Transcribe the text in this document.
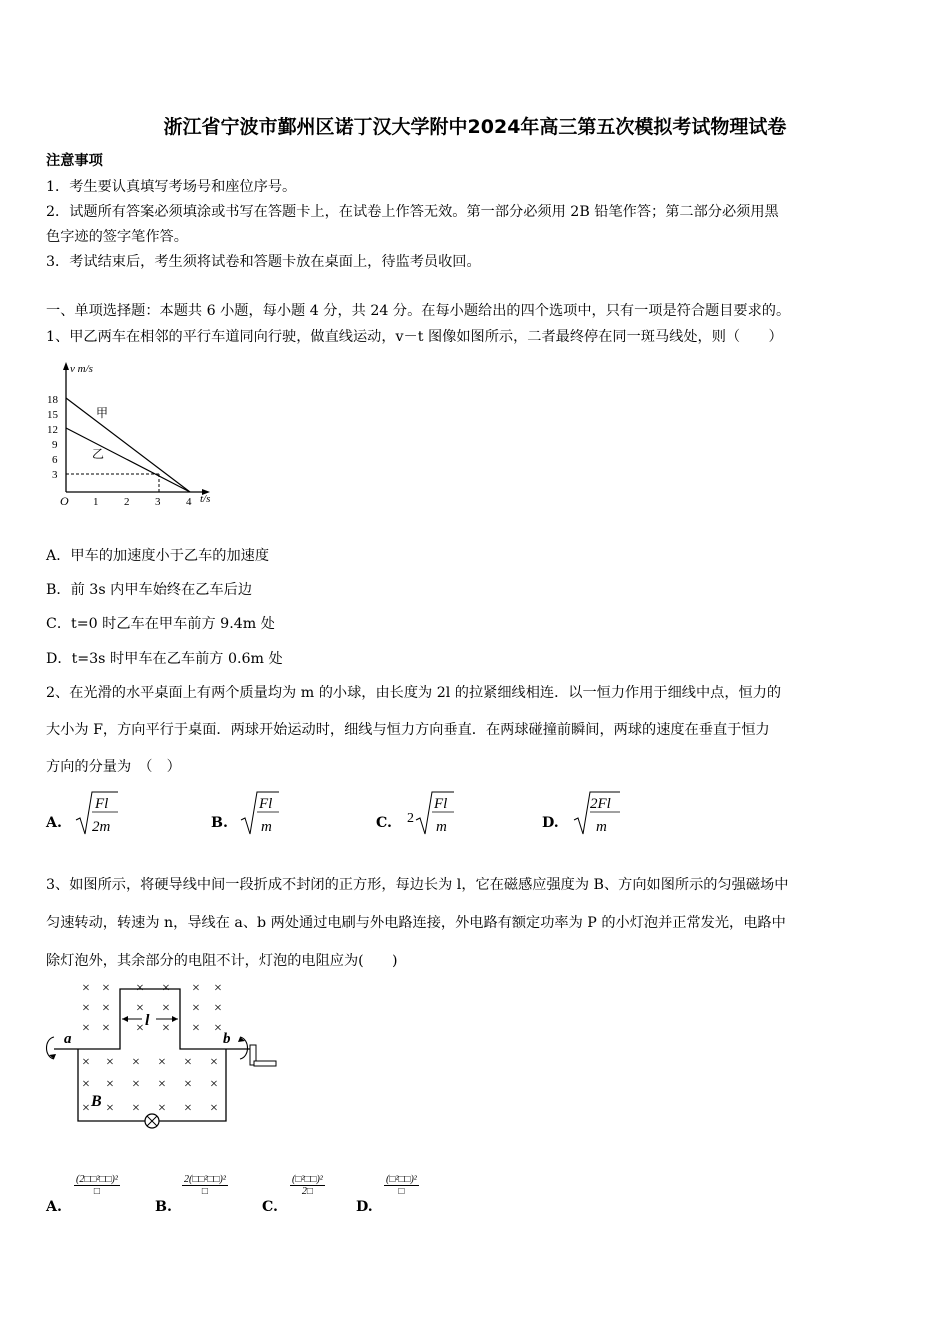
浙江省宁波市鄞州区诺丁汉大学附中2024年高三第五次模拟考试物理试卷
注意事项
1．考生要认真填写考场号和座位序号。
2．试题所有答案必须填涂或书写在答题卡上，在试卷上作答无效。第一部分必须用 2B 铅笔作答；第二部分必须用黑
色字迹的签字笔作答。
3．考试结束后，考生须将试卷和答题卡放在桌面上，待监考员收回。
一、单项选择题：本题共 6 小题，每小题 4 分，共 24 分。在每小题给出的四个选项中，只有一项是符合题目要求的。
1、甲乙两车在相邻的平行车道同向行驶，做直线运动，v－t 图像如图所示，二者最终停在同一斑马线处，则（　　）
v m/s
t/s
O
18
15
12
9
6
3
1 2 3 4
甲
乙
A．甲车的加速度小于乙车的加速度
B．前 3s 内甲车始终在乙车后边
C．t=0 时乙车在甲车前方 9.4m 处
D．t=3s 时甲车在乙车前方 0.6m 处
2、在光滑的水平桌面上有两个质量均为 m 的小球，由长度为 2l 的拉紧细线相连．以一恒力作用于细线中点，恒力的
大小为 F，方向平行于桌面．两球开始运动时，细线与恒力方向垂直．在两球碰撞前瞬间，两球的速度在垂直于恒力
方向的分量为　（　）
A.
Fl
2m	B.
Fl
m	C. 2
Fl
m	D.
2Fl
m
3、如图所示，将硬导线中间一段折成不封闭的正方形，每边长为 l，它在磁感应强度为 B、方向如图所示的匀强磁场中
匀速转动，转速为 n，导线在 a、b 两处通过电刷与外电路连接，外电路有额定功率为 P 的小灯泡并正常发光，电路中
除灯泡外，其余部分的电阻不计，灯泡的电阻应为(　　)
× × × × × ×
× × × × × ×
× × × × × ×
× × × × × ×
× × × × × ×
× × × × × ×
l
a	b
B
A.
(2□□²□□)²
□
B.
2(□□²□□)²
□
C.
(□²□□)²
2□
D.
(□²□□)²
□
